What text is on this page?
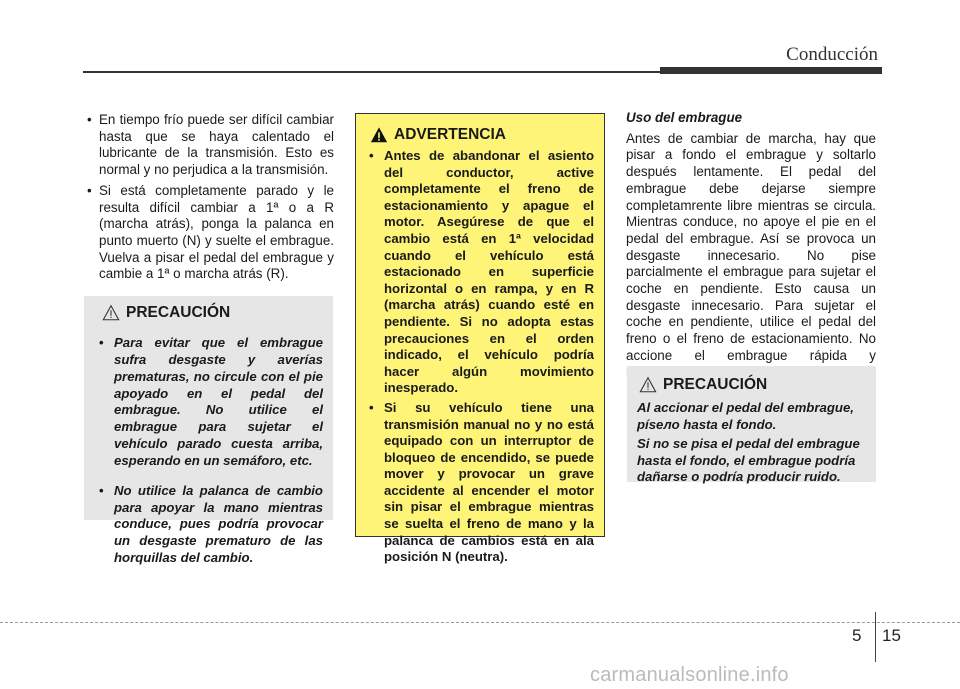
Conducción

• En tiempo frío puede ser difícil cambiar hasta que se haya calentado el lubricante de la transmisión. Esto es normal y no perjudica a la transmisión.

• Si está completamente parado y le resulta difícil cambiar a 1ª o a R (marcha atrás), ponga la palanca en punto muerto (N) y suelte el embrague. Vuelva a pisar el pedal del embrague y cambie a 1ª o marcha atrás (R).

PRECAUCIÓN

• Para evitar que el embrague sufra desgaste y averías prematuras, no circule con el pie apoyado en el pedal del embrague. No utilice el embrague para sujetar el vehículo parado cuesta arriba, esperando en un semáforo, etc.

• No utilice la palanca de cambio para apoyar la mano mientras conduce, pues podría provocar un desgaste prematuro de las horquillas del cambio.

ADVERTENCIA

• Antes de abandonar el asiento del conductor, active completamente el freno de estacionamiento y apague el motor. Asegúrese de que el cambio está en 1ª velocidad cuando el vehículo está estacionado en superficie horizontal o en rampa, y en R (marcha atrás) cuando esté en pendiente. Si no adopta estas precauciones en el orden indicado, el vehículo podría hacer algún movimiento inesperado.

• Si su vehículo tiene una transmisión manual no y no está equipado con un interruptor de bloqueo de encendido, se puede mover y provocar un grave accidente al encender el motor sin pisar el embrague mientras se suelta el freno de mano y la palanca de cambios está en ala posición N (neutra).

Uso del embrague

Antes de cambiar de marcha, hay que pisar a fondo el embrague y soltarlo después lentamente. El pedal del embrague debe dejarse siempre completamrente libre mientras se circula. Mientras conduce, no apoye el pie en el pedal del embrague. Así se provoca un desgaste innecesario. No pise parcialmente el embrague para sujetar el coche en pendiente. Esto causa un desgaste innecesario. Para sujetar el coche en pendiente, utilice el pedal del freno o el freno de estacionamiento. No accione el embrague rápida y

PRECAUCIÓN

Al accionar el pedal del embrague, písело hasta el fondo.

Si no se pisa el pedal del embrague hasta el fondo, el embrague podría dañarse o podría producir ruido.

5 15
carmanualsonline.info
